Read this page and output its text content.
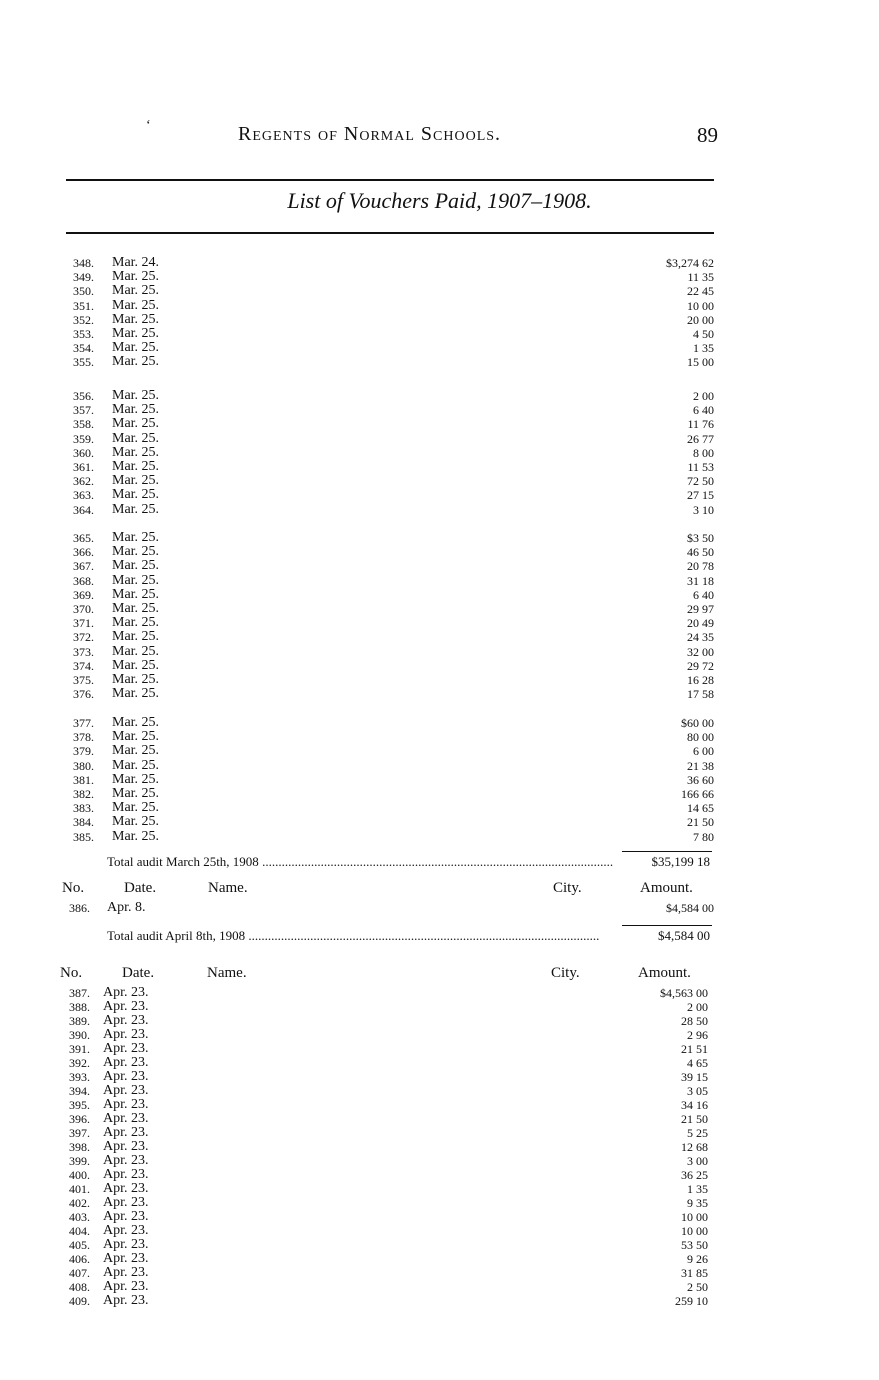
ʻ	Regents of Normal Schools.	89
List of Vouchers Paid, 1907–1908.
348. Mar. 24.	$3,274 62
349. Mar. 25.	11 35
350. Mar. 25.	22 45
351. Mar. 25.	10 00
352. Mar. 25.	20 00
353. Mar. 25.	4 50
354. Mar. 25.	1 35
355. Mar. 25.	15 00
356. Mar. 25.	2 00
357. Mar. 25.	6 40
358. Mar. 25.	11 76
359. Mar. 25.	26 77
360. Mar. 25.	8 00
361. Mar. 25.	11 53
362. Mar. 25.	72 50
363. Mar. 25.	27 15
364. Mar. 25.	3 10
365. Mar. 25.	$3 50
366. Mar. 25.	46 50
367. Mar. 25.	20 78
368. Mar. 25.	31 18
369. Mar. 25.	6 40
370. Mar. 25.	29 97
371. Mar. 25.	20 49
372. Mar. 25.	24 35
373. Mar. 25.	32 00
374. Mar. 25.	29 72
375. Mar. 25.	16 28
376. Mar. 25.	17 58
377. Mar. 25.	$60 00
378. Mar. 25.	80 00
379. Mar. 25.	6 00
380. Mar. 25.	21 38
381. Mar. 25.	36 60
382. Mar. 25.	166 66
383. Mar. 25.	14 65
384. Mar. 25.	21 50
385. Mar. 25.	7 80
Total audit March 25th, 1908 ............................................................................................................	$35,199 18
No.	Date.	Name.	City.	Amount.
386. Apr. 8.	$4,584 00
Total audit April 8th, 1908 ............................................................................................................	$4,584 00
No.	Date.	Name.	City.	Amount.
387. Apr. 23.	$4,563 00
388. Apr. 23.	2 00
389. Apr. 23.	28 50
390. Apr. 23.	2 96
391. Apr. 23.	21 51
392. Apr. 23.	4 65
393. Apr. 23.	39 15
394. Apr. 23.	3 05
395. Apr. 23.	34 16
396. Apr. 23.	21 50
397. Apr. 23.	5 25
398. Apr. 23.	12 68
399. Apr. 23.	3 00
400. Apr. 23.	36 25
401. Apr. 23.	1 35
402. Apr. 23.	9 35
403. Apr. 23.	10 00
404. Apr. 23.	10 00
405. Apr. 23.	53 50
406. Apr. 23.	9 26
407. Apr. 23.	31 85
408. Apr. 23.	2 50
409. Apr. 23.	259 10
